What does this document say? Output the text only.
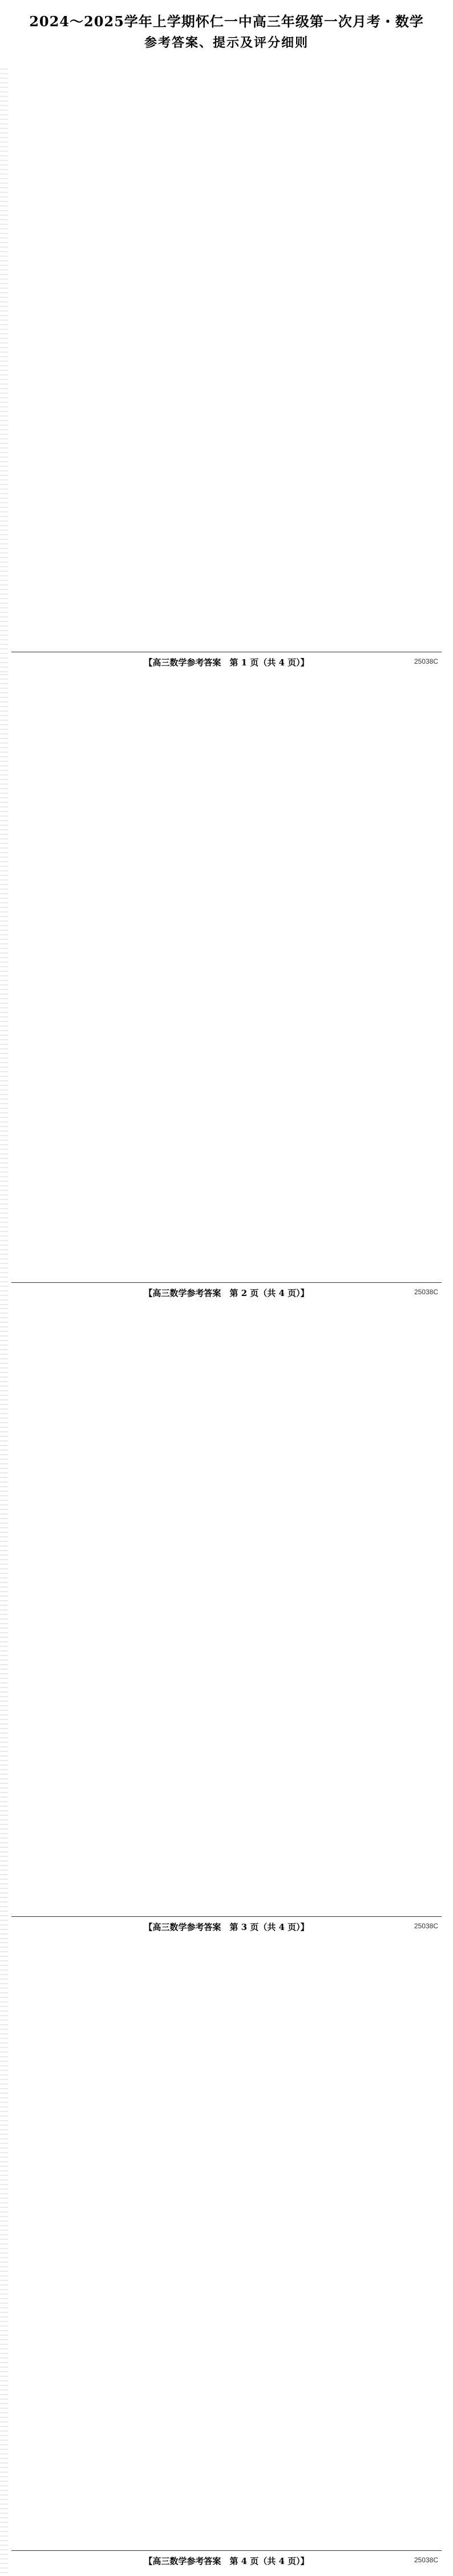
2024～2025学年上学期怀仁一中高三年级第一次月考・数学
参考答案、提示及评分细则
【高三数学参考答案　第 1 页（共 4 页）】	25038C
【高三数学参考答案　第 2 页（共 4 页）】	25038C
【高三数学参考答案　第 3 页（共 4 页）】	25038C
【高三数学参考答案　第 4 页（共 4 页）】	25038C
